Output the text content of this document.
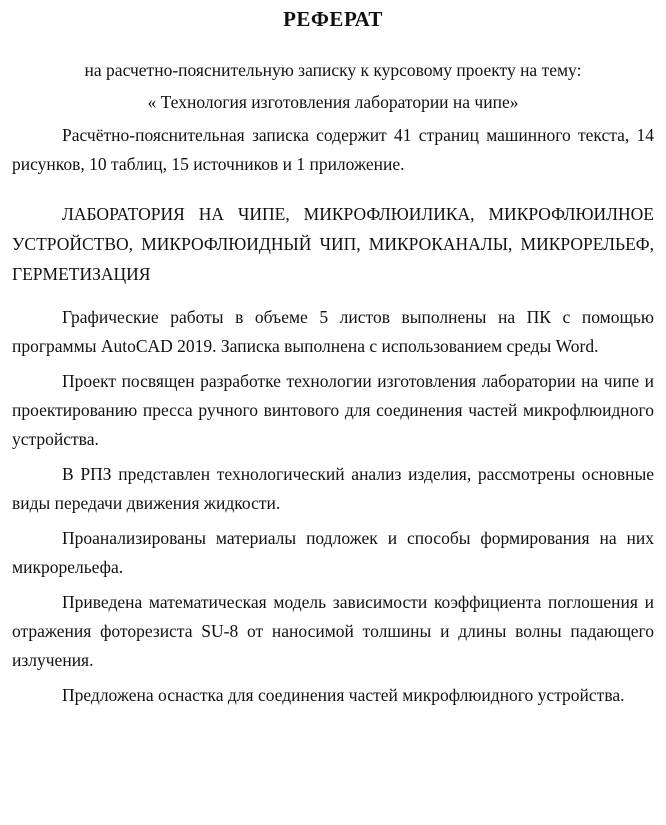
РЕФЕРАТ

на расчетно-пояснительную записку к курсовому проекту на тему:

« Технология изготовления лаборатории на чипе»

Расчётно-пояснительная записка содержит 41 страниц машинного текста, 14 рисунков, 10 таблиц, 15 источников и 1 приложение.

ЛАБОРАТОРИЯ НА ЧИПЕ, МИКРОФЛЮИЛИКА, МИКРОФЛЮИЛНОЕ УСТРОЙСТВО, МИКРОФЛЮИДНЫЙ ЧИП, МИКРОКАНАЛЫ, МИКРОРЕЛЬЕФ, ГЕРМЕТИЗАЦИЯ

Графические работы в объеме 5 листов выполнены на ПК с помощью программы AutoCAD 2019. Записка выполнена с использованием среды Word.

Проект посвящен разработке технологии изготовления лаборатории на чипе и проектированию пресса ручного винтового для соединения частей микрофлюидного устройства.

В РПЗ представлен технологический анализ изделия, рассмотрены основные виды передачи движения жидкости.

Проанализированы материалы подложек и способы формирования на них микрорельефа.

Приведена математическая модель зависимости коэффициента поглошения и отражения фоторезиста SU-8 от наносимой толшины и длины волны падающего излучения.

Предложена оснастка для соединения частей микрофлюидного устройства.
